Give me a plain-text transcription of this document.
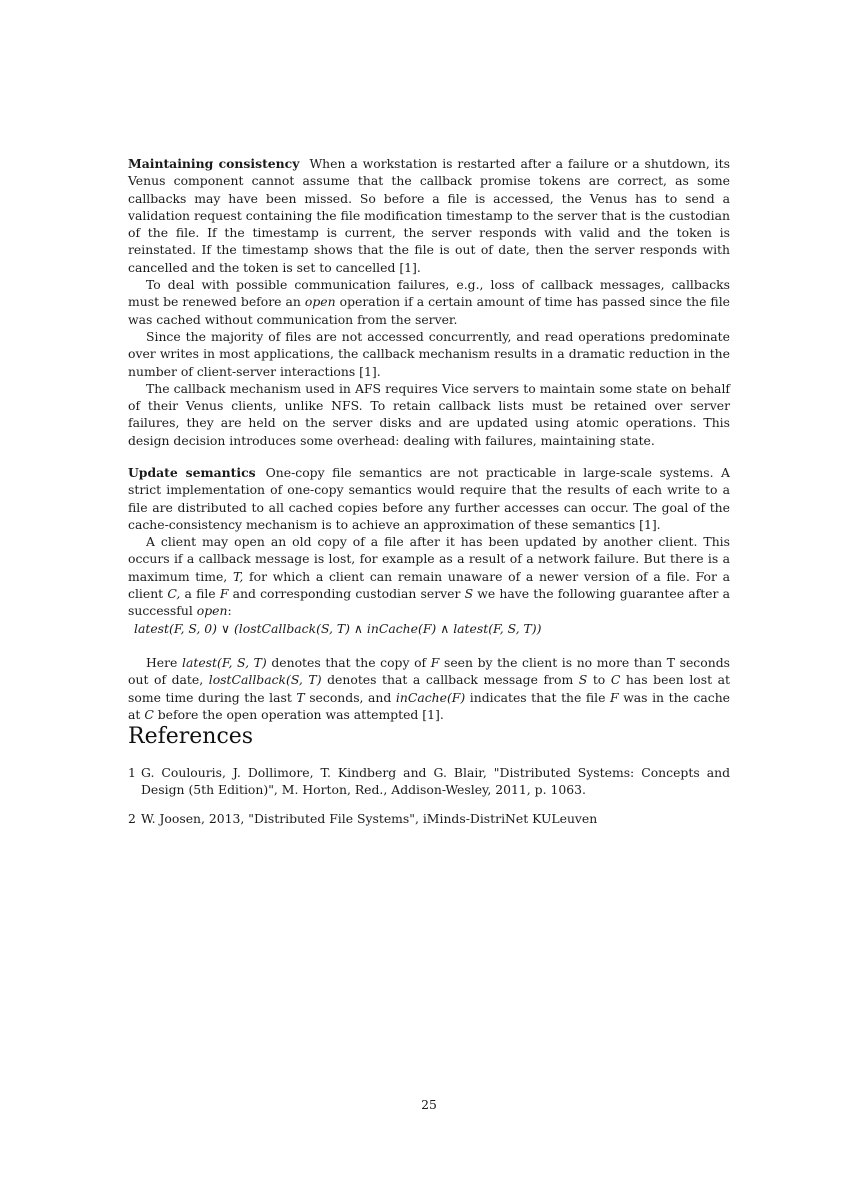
Maintaining consistency When a workstation is restarted after a failure or a shutdown, its Venus component cannot assume that the callback promise tokens are correct, as some callbacks may have been missed. So before a file is accessed, the Venus has to send a validation request containing the file modification timestamp to the server that is the custodian of the file. If the timestamp is current, the server responds with valid and the token is reinstated. If the timestamp shows that the file is out of date, then the server responds with cancelled and the token is set to cancelled [1].

To deal with possible communication failures, e.g., loss of callback messages, callbacks must be renewed before an open operation if a certain amount of time has passed since the file was cached without communication from the server.

Since the majority of files are not accessed concurrently, and read operations predominate over writes in most applications, the callback mechanism results in a dramatic reduction in the number of client-server interactions [1].

The callback mechanism used in AFS requires Vice servers to maintain some state on behalf of their Venus clients, unlike NFS. To retain callback lists must be retained over server failures, they are held on the server disks and are updated using atomic operations. This design decision introduces some overhead: dealing with failures, maintaining state.

Update semantics One-copy file semantics are not practicable in large-scale systems. A strict implementation of one-copy semantics would require that the results of each write to a file are distributed to all cached copies before any further accesses can occur. The goal of the cache-consistency mechanism is to achieve an approximation of these semantics [1].

A client may open an old copy of a file after it has been updated by another client. This occurs if a callback message is lost, for example as a result of a network failure. But there is a maximum time, T, for which a client can remain unaware of a newer version of a file. For a client C, a file F and corresponding custodian server S we have the following guarantee after a successful open:

latest(F, S, 0) ∨ (lostCallback(S, T) ∧ inCache(F) ∧ latest(F, S, T))

Here latest(F, S, T) denotes that the copy of F seen by the client is no more than T seconds out of date, lostCallback(S, T) denotes that a callback message from S to C has been lost at some time during the last T seconds, and inCache(F) indicates that the file F was in the cache at C before the open operation was attempted [1].

References
1 G. Coulouris, J. Dollimore, T. Kindberg and G. Blair, "Distributed Systems: Concepts and Design (5th Edition)", M. Horton, Red., Addison-Wesley, 2011, p. 1063.
2 W. Joosen, 2013, "Distributed File Systems", iMinds-DistriNet KULeuven
25
